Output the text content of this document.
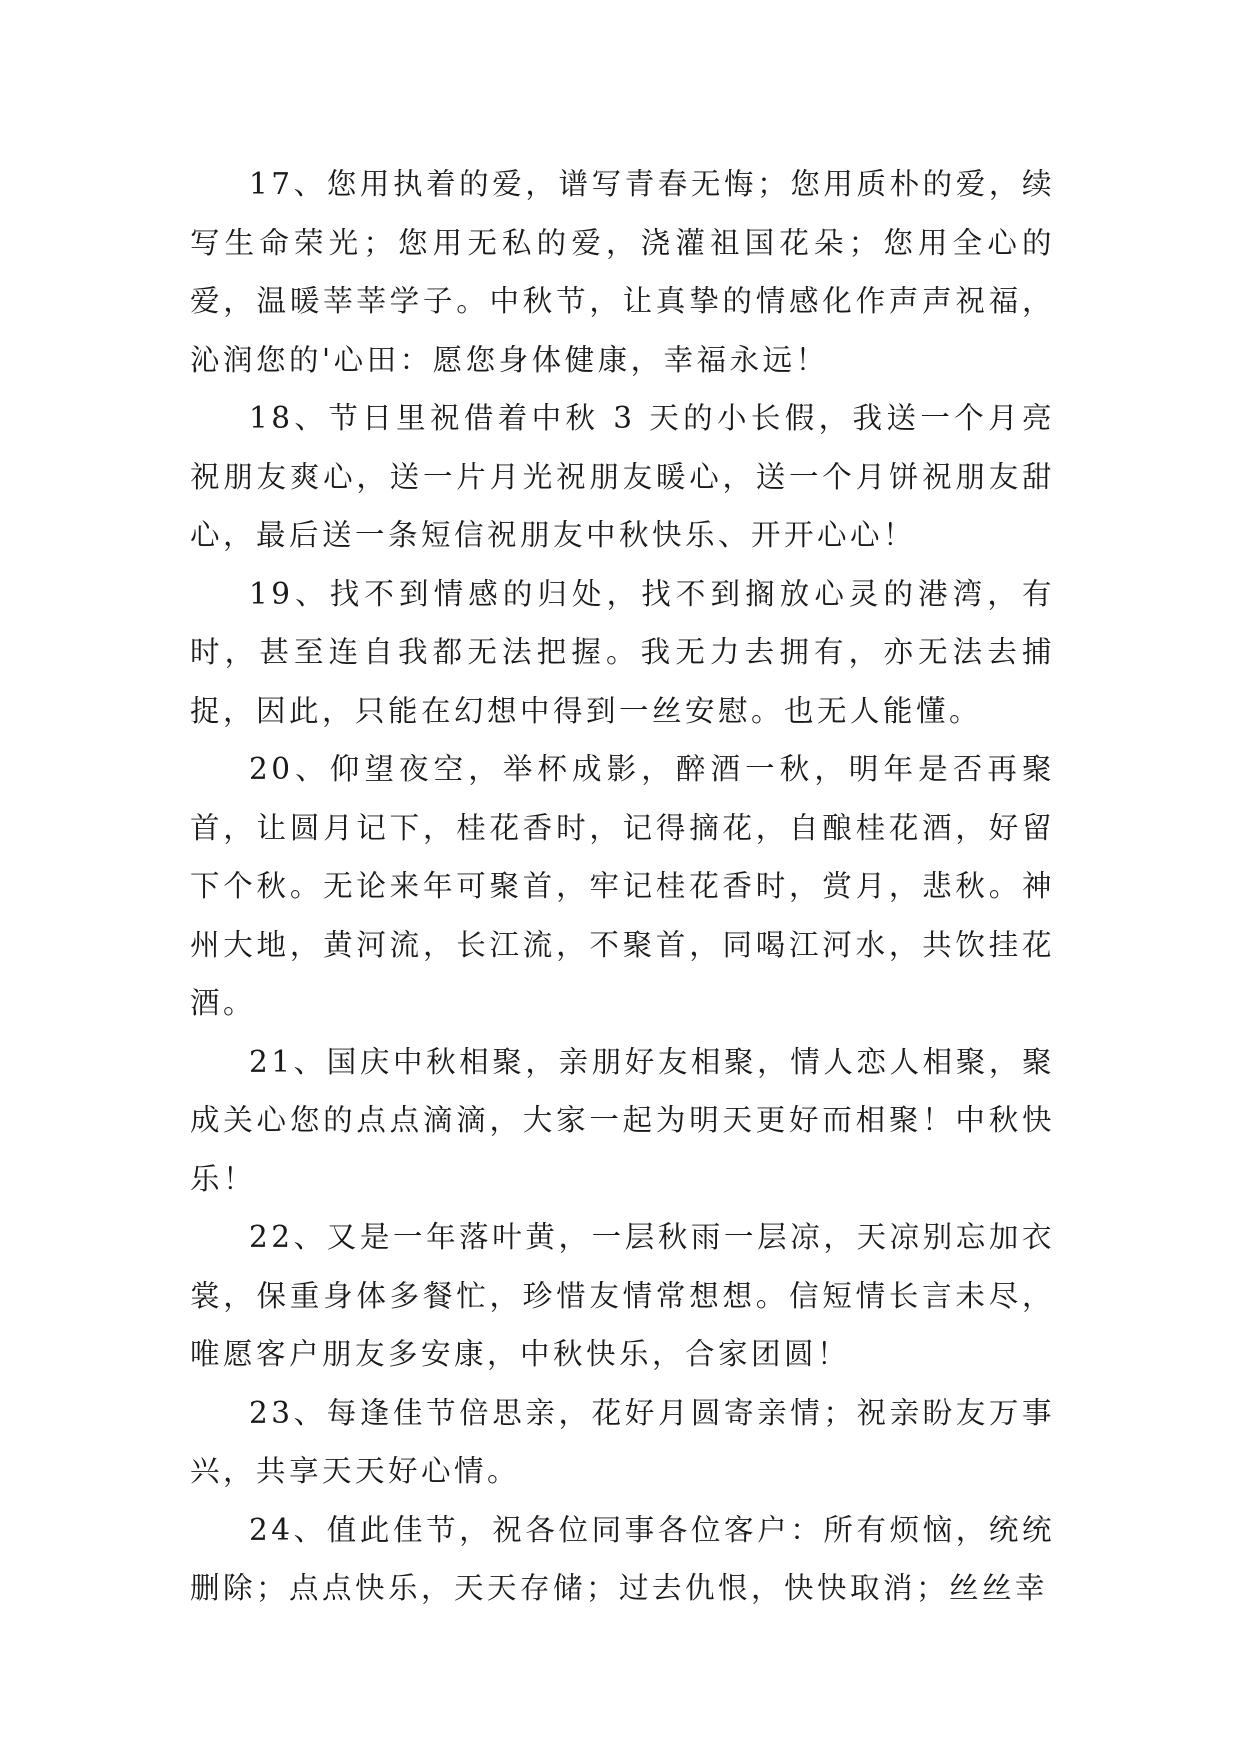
17、您用执着的爱，谱写青春无悔；您用质朴的爱，续写生命荣光；您用无私的爱，浇灌祖国花朵；您用全心的爱，温暖莘莘学子。中秋节，让真挚的情感化作声声祝福，沁润您的'心田：愿您身体健康，幸福永远！

18、节日里祝借着中秋 3 天的小长假，我送一个月亮祝朋友爽心，送一片月光祝朋友暖心，送一个月饼祝朋友甜心，最后送一条短信祝朋友中秋快乐、开开心心！

19、找不到情感的归处，找不到搁放心灵的港湾，有时，甚至连自我都无法把握。我无力去拥有，亦无法去捕捉，因此，只能在幻想中得到一丝安慰。也无人能懂。

20、仰望夜空，举杯成影，醉酒一秋，明年是否再聚首，让圆月记下，桂花香时，记得摘花，自酿桂花酒，好留下个秋。无论来年可聚首，牢记桂花香时，赏月，悲秋。神州大地，黄河流，长江流，不聚首，同喝江河水，共饮挂花酒。

21、国庆中秋相聚，亲朋好友相聚，情人恋人相聚，聚成关心您的点点滴滴，大家一起为明天更好而相聚！中秋快乐！

22、又是一年落叶黄，一层秋雨一层凉，天凉别忘加衣裳，保重身体多餐忙，珍惜友情常想想。信短情长言未尽，唯愿客户朋友多安康，中秋快乐，合家团圆！

23、每逢佳节倍思亲，花好月圆寄亲情；祝亲盼友万事兴，共享天天好心情。

24、值此佳节，祝各位同事各位客户：所有烦恼，统统删除；点点快乐，天天存储；过去仇恨，快快取消；丝丝幸
